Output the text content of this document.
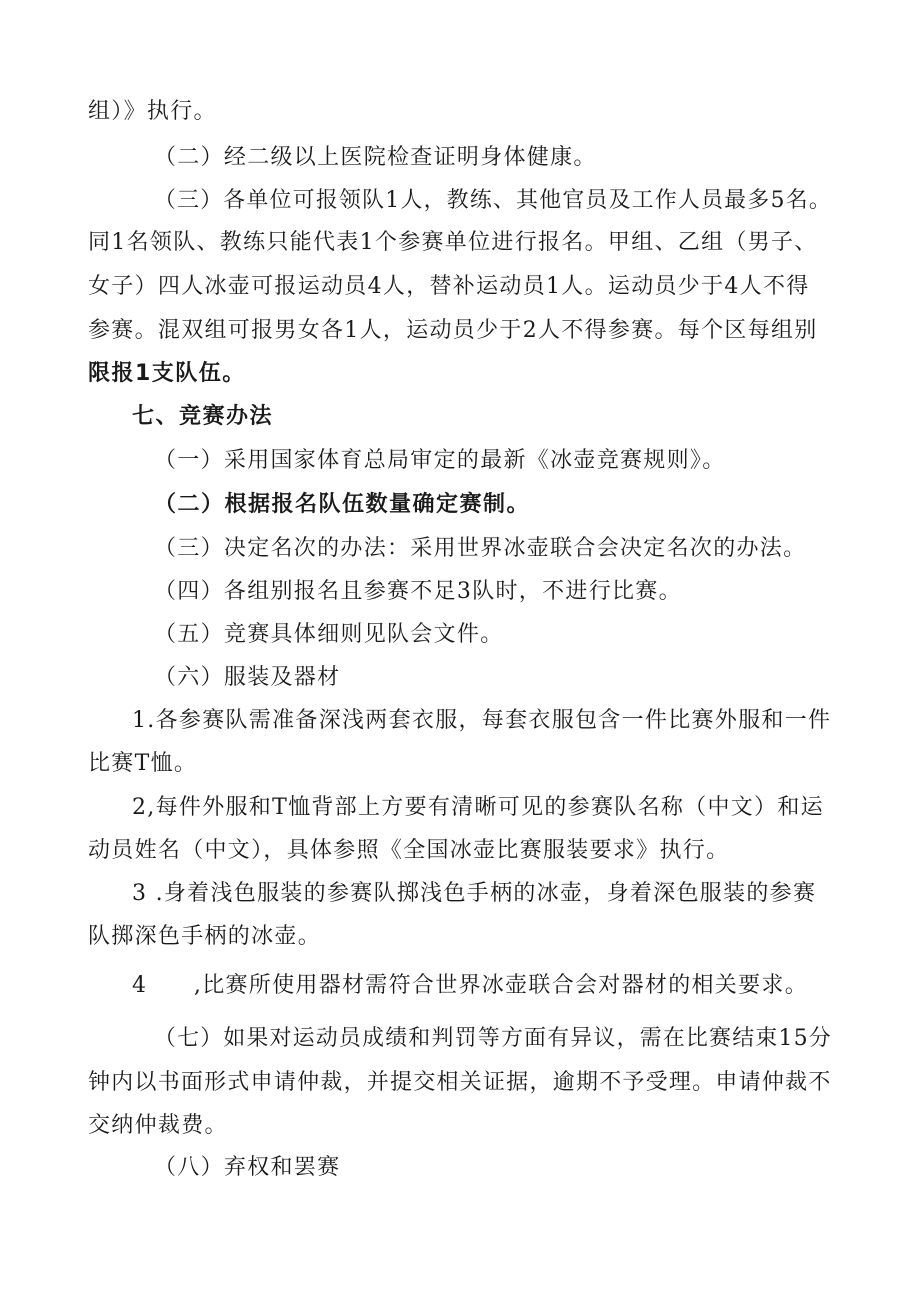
组）》执行。
（二）经二级以上医院检查证明身体健康。
（三）各单位可报领队1人，教练、其他官员及工作人员最多5名。
同1名领队、教练只能代表1个参赛单位进行报名。甲组、乙组（男子、
女子）四人冰壶可报运动员4人，替补运动员1人。运动员少于4人不得
参赛。混双组可报男女各1人，运动员少于2人不得参赛。每个区每组别
限报1支队伍。
七、竞赛办法
（一）采用国家体育总局审定的最新《冰壶竞赛规则》。
（二）根据报名队伍数量确定赛制。
（三）决定名次的办法：采用世界冰壶联合会决定名次的办法。
（四）各组别报名且参赛不足3队时，不进行比赛。
（五）竞赛具体细则见队会文件。
（六）服装及器材
1.各参赛队需准备深浅两套衣服，每套衣服包含一件比赛外服和一件
比赛T恤。
2,每件外服和T恤背部上方要有清晰可见的参赛队名称（中文）和运
动员姓名（中文），具体参照《全国冰壶比赛服装要求》执行。
3 .身着浅色服装的参赛队掷浅色手柄的冰壶，身着深色服装的参赛
队掷深色手柄的冰壶。
4　　,比赛所使用器材需符合世界冰壶联合会对器材的相关要求。
（七）如果对运动员成绩和判罚等方面有异议，需在比赛结束15分
钟内以书面形式申请仲裁，并提交相关证据，逾期不予受理。申请仲裁不
交纳仲裁费。
（八）弃权和罢赛
